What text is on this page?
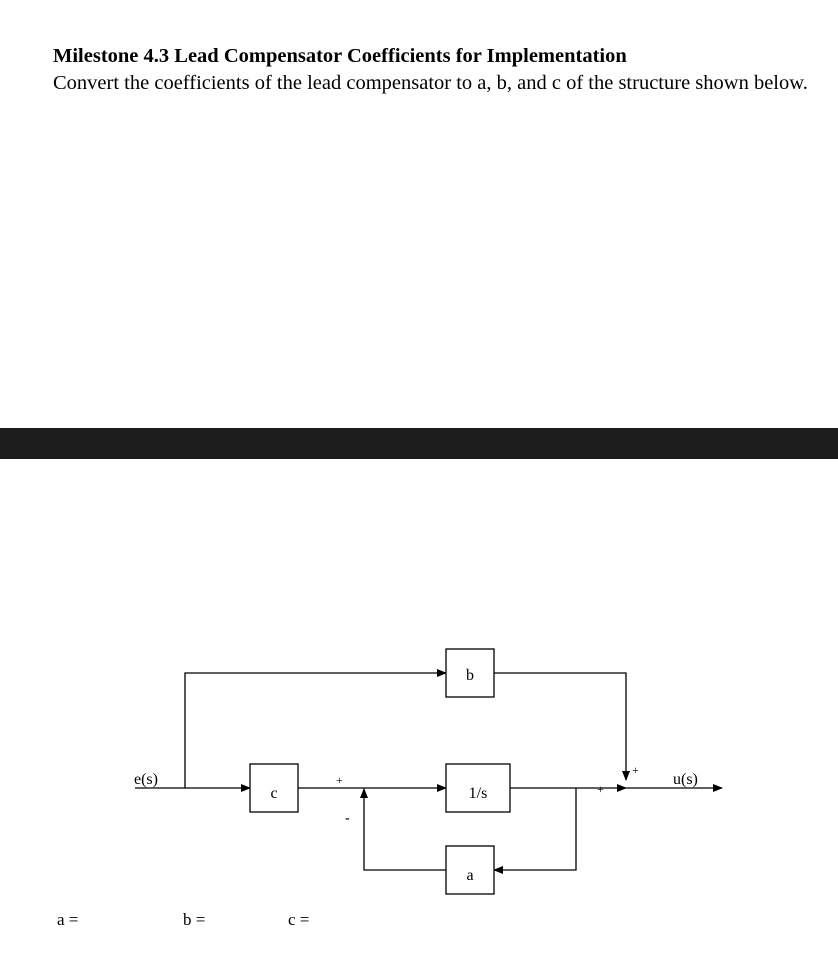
Milestone 4.3 Lead Compensator Coefficients for Implementation
Convert the coefficients of the lead compensator to a, b, and c of the structure shown below.
b
c	1/s
a
e(s)	u(s)
+
-
+
+
a =	b =	c =
